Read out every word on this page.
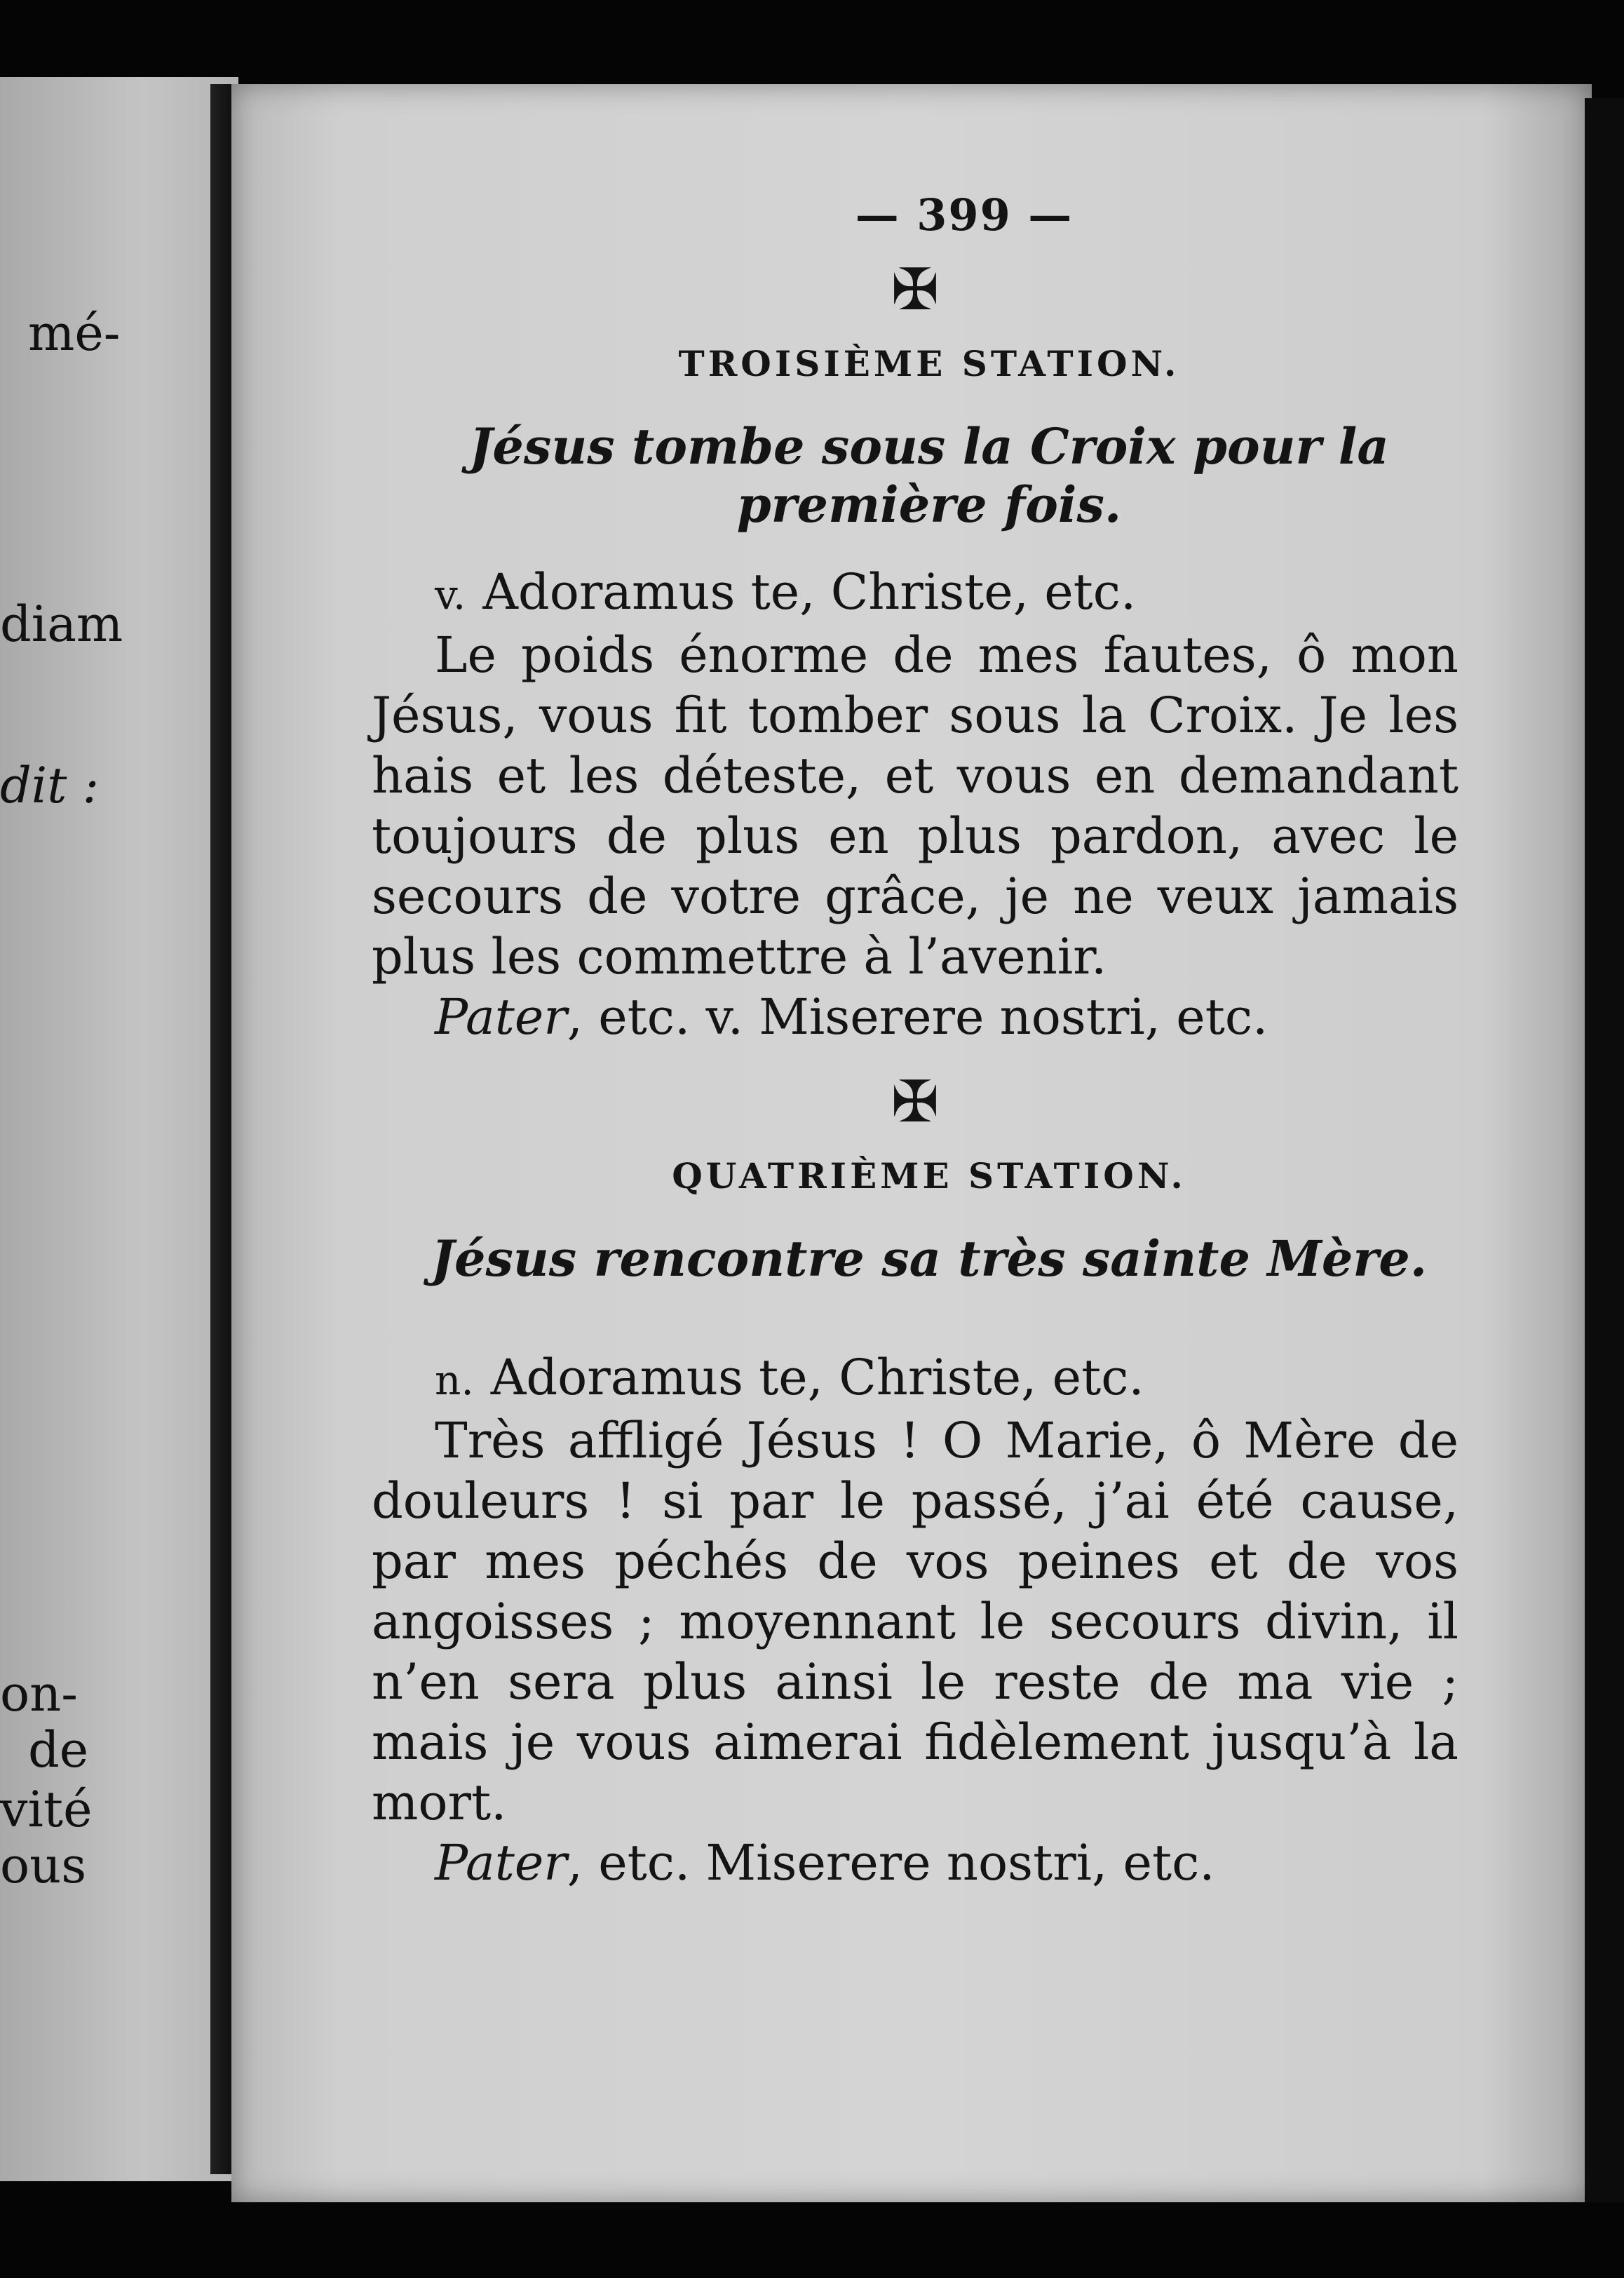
mé-
diam
dit :
on-
de
vité
ous
— 399 —
✠
TROISIÈME STATION.
Jésus tombe sous la Croix pour la première fois.

v. Adoramus te, Christe, etc.

Le poids énorme de mes fautes, ô mon Jésus, vous fit tomber sous la Croix. Je les hais et les déteste, et vous en demandant toujours de plus en plus pardon, avec le secours de votre grâce, je ne veux jamais plus les commettre à l’avenir.

Pater, etc. v. Miserere nostri, etc.

✠
QUATRIÈME STATION.
Jésus rencontre sa très sainte Mère.

n. Adoramus te, Christe, etc.

Très affligé Jésus ! O Marie, ô Mère de douleurs ! si par le passé, j’ai été cause, par mes péchés de vos peines et de vos angoisses ; moyennant le secours divin, il n’en sera plus ainsi le reste de ma vie ; mais je vous aimerai fidèlement jusqu’à la mort.

Pater, etc. Miserere nostri, etc.
